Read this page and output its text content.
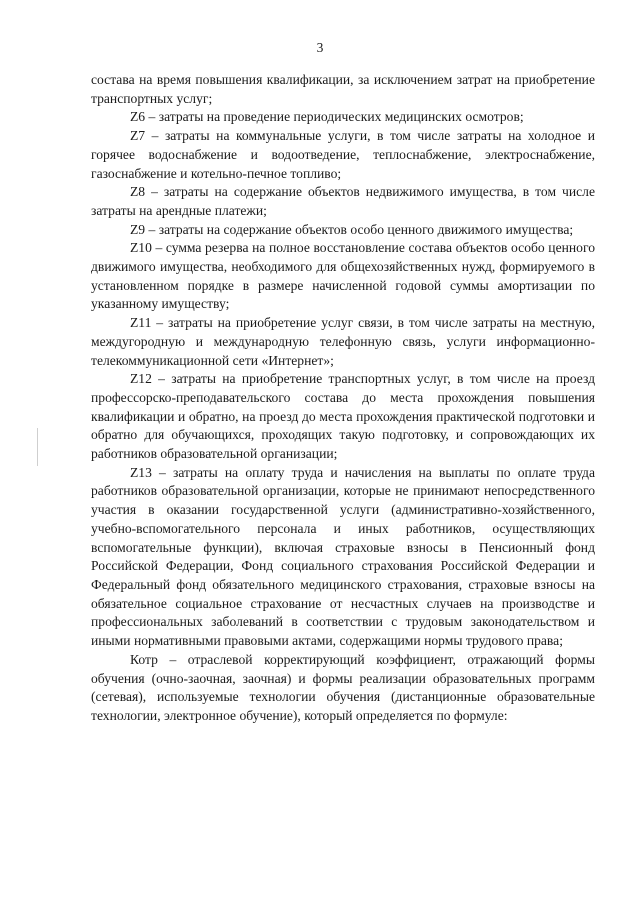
3

состава на время повышения квалификации, за исключением затрат на приобретение транспортных услуг;

Z6 – затраты на проведение периодических медицинских осмотров;

Z7 – затраты на коммунальные услуги, в том числе затраты на холодное и горячее водоснабжение и водоотведение, теплоснабжение, электроснабжение, газоснабжение и котельно-печное топливо;

Z8 – затраты на содержание объектов недвижимого имущества, в том числе затраты на арендные платежи;

Z9 – затраты на содержание объектов особо ценного движимого имущества;

Z10 – сумма резерва на полное восстановление состава объектов особо ценного движимого имущества, необходимого для общехозяйственных нужд, формируемого в установленном порядке в размере начисленной годовой суммы амортизации по указанному имуществу;

Z11 – затраты на приобретение услуг связи, в том числе затраты на местную, междугородную и международную телефонную связь, услуги информационно-телекоммуникационной сети «Интернет»;

Z12 – затраты на приобретение транспортных услуг, в том числе на проезд профессорско-преподавательского состава до места прохождения повышения квалификации и обратно, на проезд до места прохождения практической подготовки и обратно для обучающихся, проходящих такую подготовку, и сопровождающих их работников образовательной организации;

Z13 – затраты на оплату труда и начисления на выплаты по оплате труда работников образовательной организации, которые не принимают непосредственного участия в оказании государственной услуги (административно-хозяйственного, учебно-вспомогательного персонала и иных работников, осуществляющих вспомогательные функции), включая страховые взносы в Пенсионный фонд Российской Федерации, Фонд социального страхования Российской Федерации и Федеральный фонд обязательного медицинского страхования, страховые взносы на обязательное социальное страхование от несчастных случаев на производстве и профессиональных заболеваний в соответствии с трудовым законодательством и иными нормативными правовыми актами, содержащими нормы трудового права;

Котр – отраслевой корректирующий коэффициент, отражающий формы обучения (очно-заочная, заочная) и формы реализации образовательных программ (сетевая), используемые технологии обучения (дистанционные образовательные технологии, электронное обучение), который определяется по формуле:
